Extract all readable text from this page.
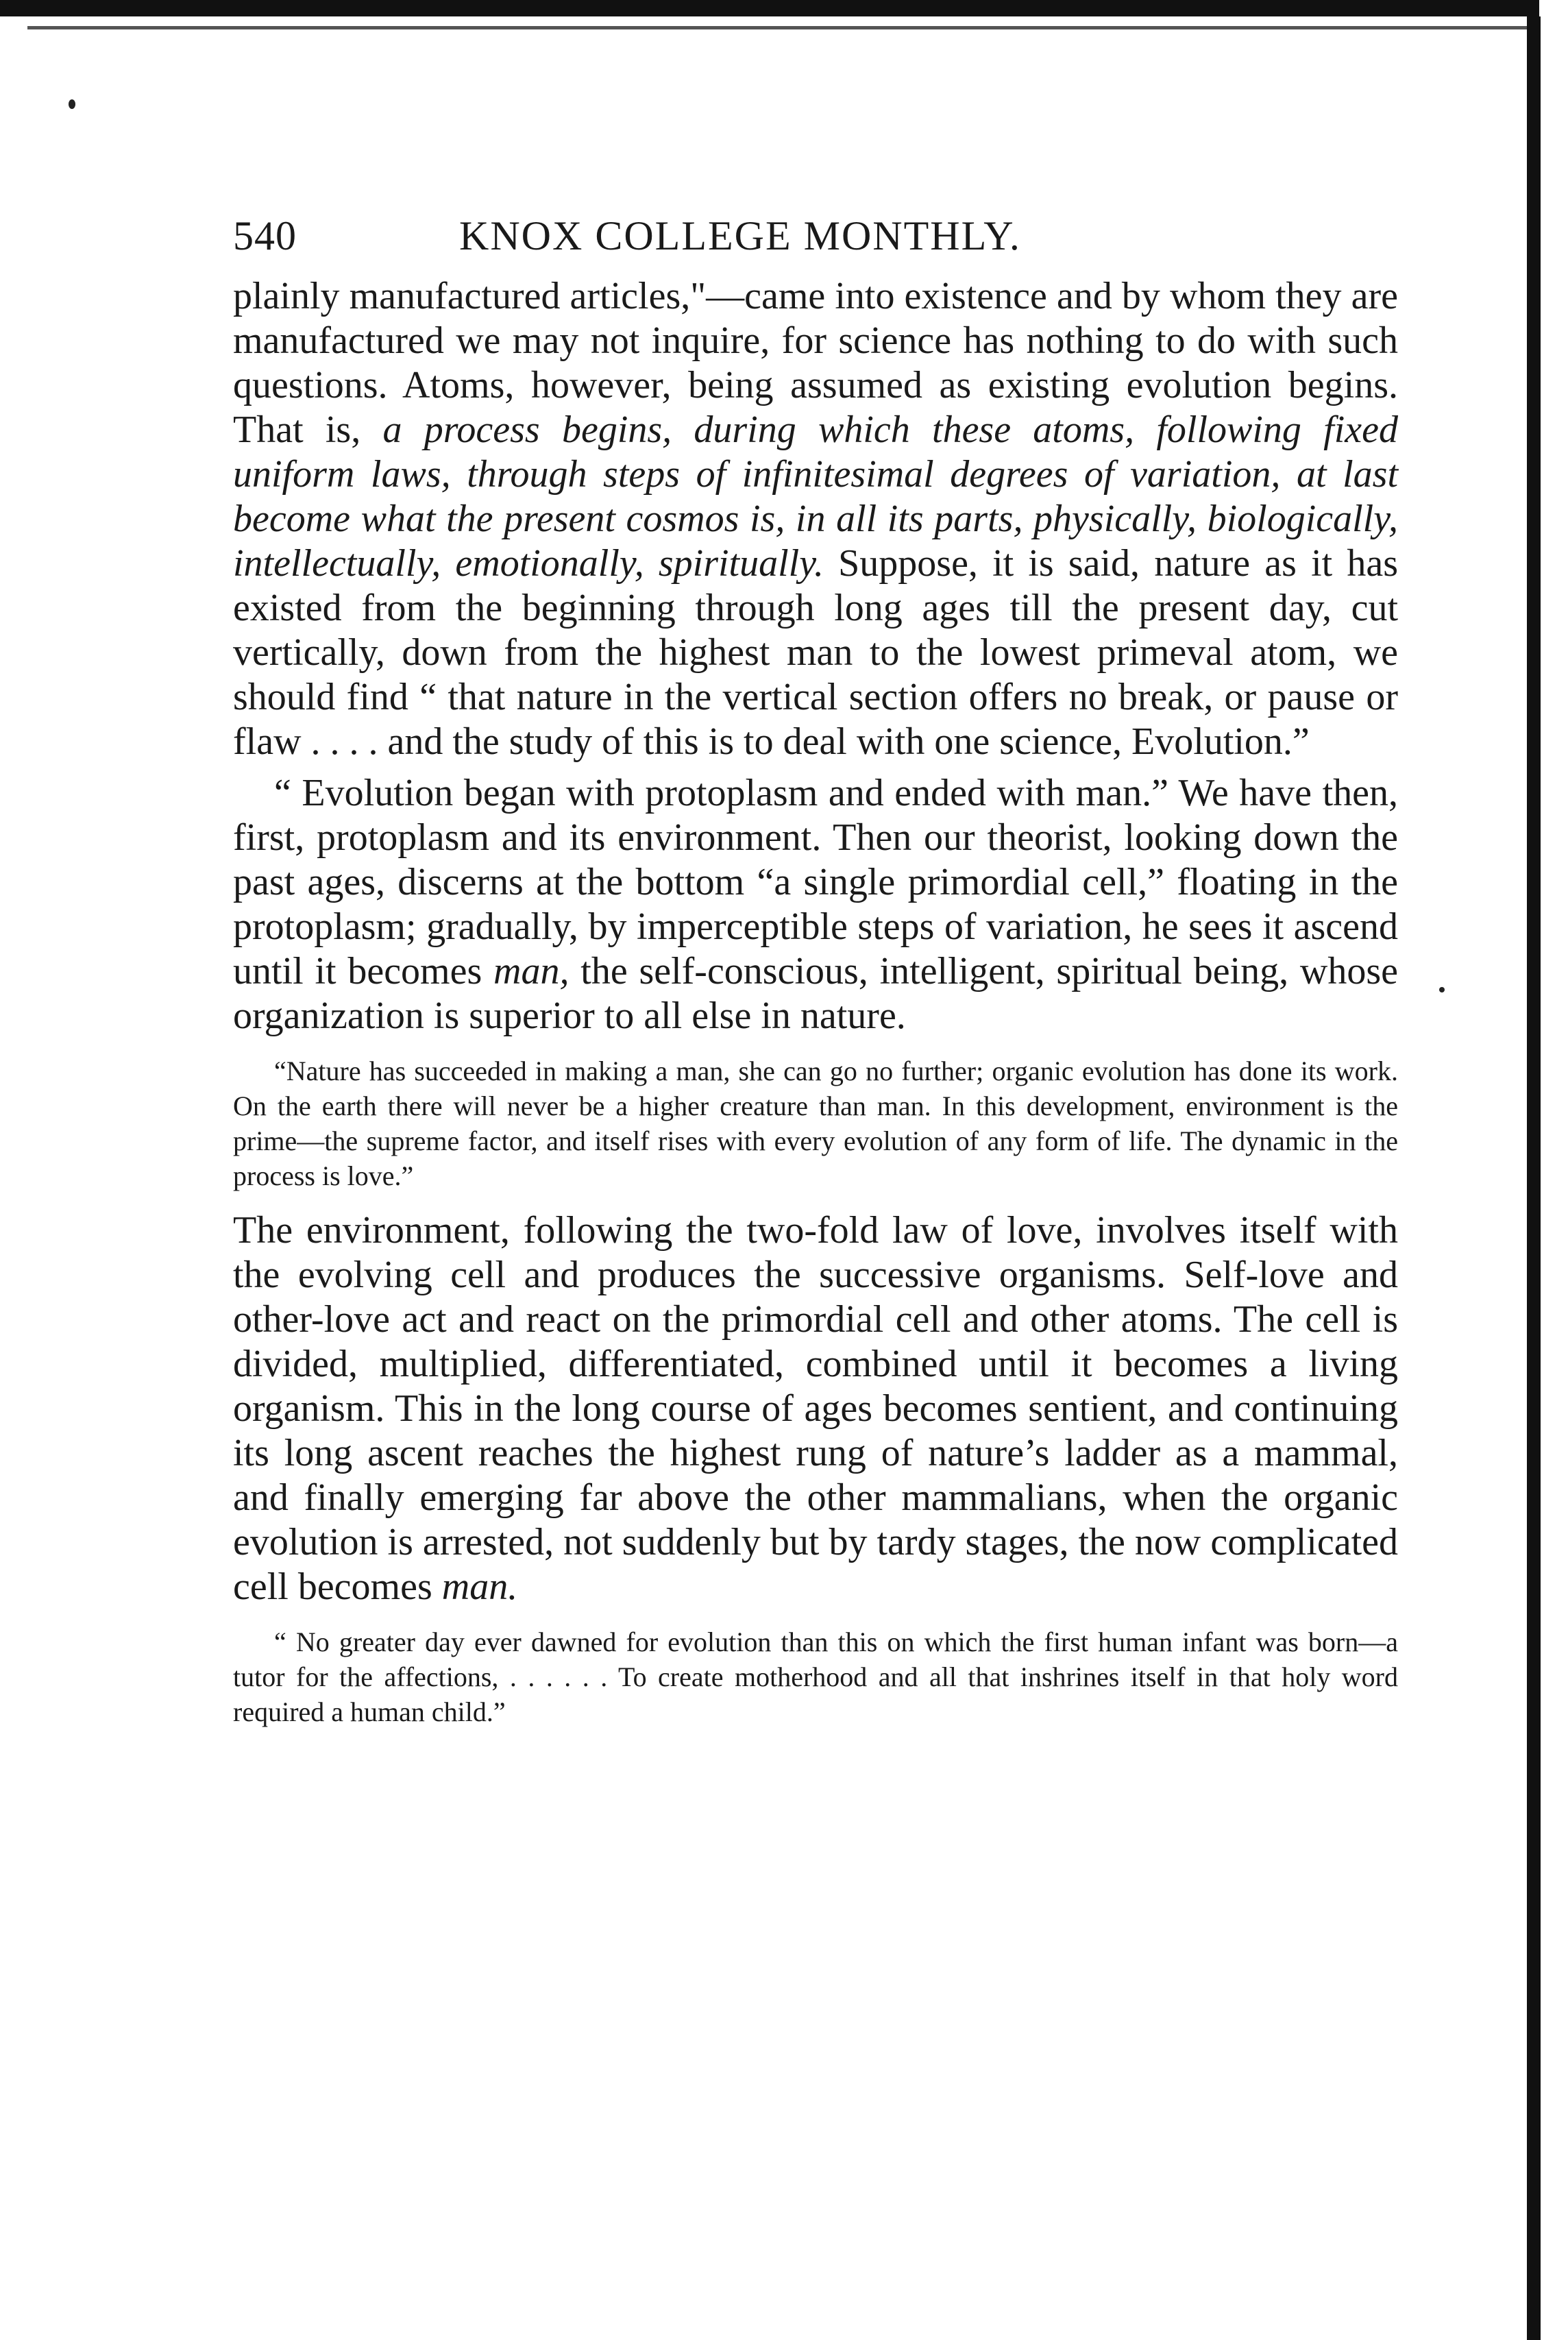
540	KNOX COLLEGE MONTHLY.

plainly manufactured articles,"—came into existence and by whom they are manufactured we may not inquire, for science has nothing to do with such questions. Atoms, however, being assumed as existing evolution begins. That is, a process begins, during which these atoms, following fixed uniform laws, through steps of infinitesimal degrees of variation, at last become what the present cosmos is, in all its parts, physically, biologically, intellectually, emotionally, spiritually. Suppose, it is said, nature as it has existed from the beginning through long ages till the present day, cut vertically, down from the highest man to the lowest primeval atom, we should find “ that nature in the vertical section offers no break, or pause or flaw . . . . and the study of this is to deal with one science, Evolution.”

“ Evolution began with protoplasm and ended with man.” We have then, first, protoplasm and its environment. Then our theorist, looking down the past ages, discerns at the bottom “a single primordial cell,” floating in the protoplasm; gradually, by imperceptible steps of variation, he sees it ascend until it becomes man, the self-conscious, intelligent, spiritual being, whose organization is superior to all else in nature.

“Nature has succeeded in making a man, she can go no further; organic evolution has done its work. On the earth there will never be a higher creature than man. In this development, environment is the prime—the supreme factor, and itself rises with every evolution of any form of life. The dynamic in the process is love.”

The environment, following the two-fold law of love, involves itself with the evolving cell and produces the successive organisms. Self-love and other-love act and react on the primordial cell and other atoms. The cell is divided, multiplied, differentiated, combined until it becomes a living organism. This in the long course of ages becomes sentient, and continuing its long ascent reaches the highest rung of nature’s ladder as a mammal, and finally emerging far above the other mammalians, when the organic evolution is arrested, not suddenly but by tardy stages, the now complicated cell becomes man.

“ No greater day ever dawned for evolution than this on which the first human infant was born—a tutor for the affections, . . . . . . To create motherhood and all that inshrines itself in that holy word required a human child.”
